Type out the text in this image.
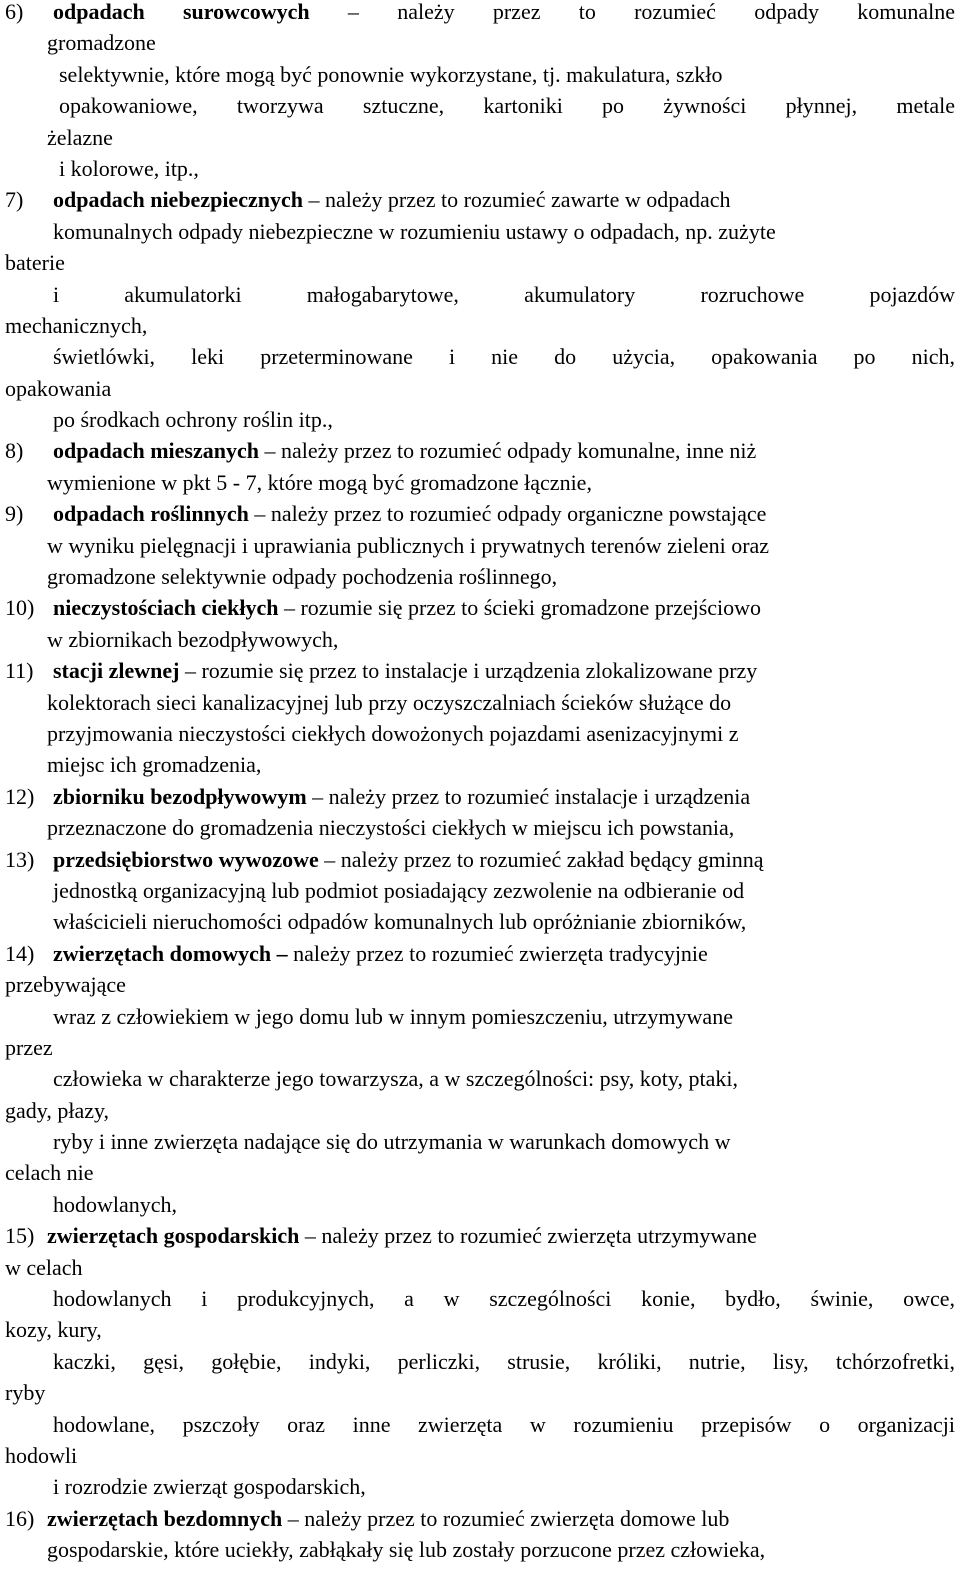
6) odpadach surowcowych – należy przez to rozumieć odpady komunalne
gromadzone
selektywnie, które mogą być ponownie wykorzystane, tj. makulatura, szkło
opakowaniowe, tworzywa sztuczne, kartoniki po żywności płynnej, metale
żelazne
i kolorowe, itp.,
7) odpadach niebezpiecznych – należy przez to rozumieć zawarte w odpadach
komunalnych odpady niebezpieczne w rozumieniu ustawy o odpadach, np. zużyte
baterie
i akumulatorki małogabarytowe, akumulatory rozruchowe pojazdów
mechanicznych,
świetlówki, leki przeterminowane i nie do użycia, opakowania po nich,
opakowania
po środkach ochrony roślin itp.,
8) odpadach mieszanych – należy przez to rozumieć odpady komunalne, inne niż
wymienione w pkt 5 - 7, które mogą być gromadzone łącznie,
9) odpadach roślinnych – należy przez to rozumieć odpady organiczne powstające
w wyniku pielęgnacji i uprawiania publicznych i prywatnych terenów zieleni oraz
gromadzone selektywnie odpady pochodzenia roślinnego,
10) nieczystościach ciekłych – rozumie się przez to ścieki gromadzone przejściowo
w zbiornikach bezodpływowych,
11) stacji zlewnej – rozumie się przez to instalacje i urządzenia zlokalizowane przy
kolektorach sieci kanalizacyjnej lub przy oczyszczalniach ścieków służące do
przyjmowania nieczystości ciekłych dowożonych pojazdami asenizacyjnymi z
miejsc ich gromadzenia,
12) zbiorniku bezodpływowym – należy przez to rozumieć instalacje i urządzenia
przeznaczone do gromadzenia nieczystości ciekłych w miejscu ich powstania,
13) przedsiębiorstwo wywozowe – należy przez to rozumieć zakład będący gminną
jednostką organizacyjną lub podmiot posiadający zezwolenie na odbieranie od
właścicieli nieruchomości odpadów komunalnych lub opróżnianie zbiorników,
14) zwierzętach domowych – należy przez to rozumieć zwierzęta tradycyjnie
przebywające
wraz z człowiekiem w jego domu lub w innym pomieszczeniu, utrzymywane
przez
człowieka w charakterze jego towarzysza, a w szczególności: psy, koty, ptaki,
gady, płazy,
ryby i inne zwierzęta nadające się do utrzymania w warunkach domowych w
celach nie
hodowlanych,
15) zwierzętach gospodarskich – należy przez to rozumieć zwierzęta utrzymywane
w celach
hodowlanych i produkcyjnych, a w szczególności konie, bydło, świnie, owce,
kozy, kury,
kaczki, gęsi, gołębie, indyki, perliczki, strusie, króliki, nutrie, lisy, tchórzofretki,
ryby
hodowlane, pszczoły oraz inne zwierzęta w rozumieniu przepisów o organizacji
hodowli
i rozrodzie zwierząt gospodarskich,
16) zwierzętach bezdomnych – należy przez to rozumieć zwierzęta domowe lub
gospodarskie, które uciekły, zabłąkały się lub zostały porzucone przez człowieka,
